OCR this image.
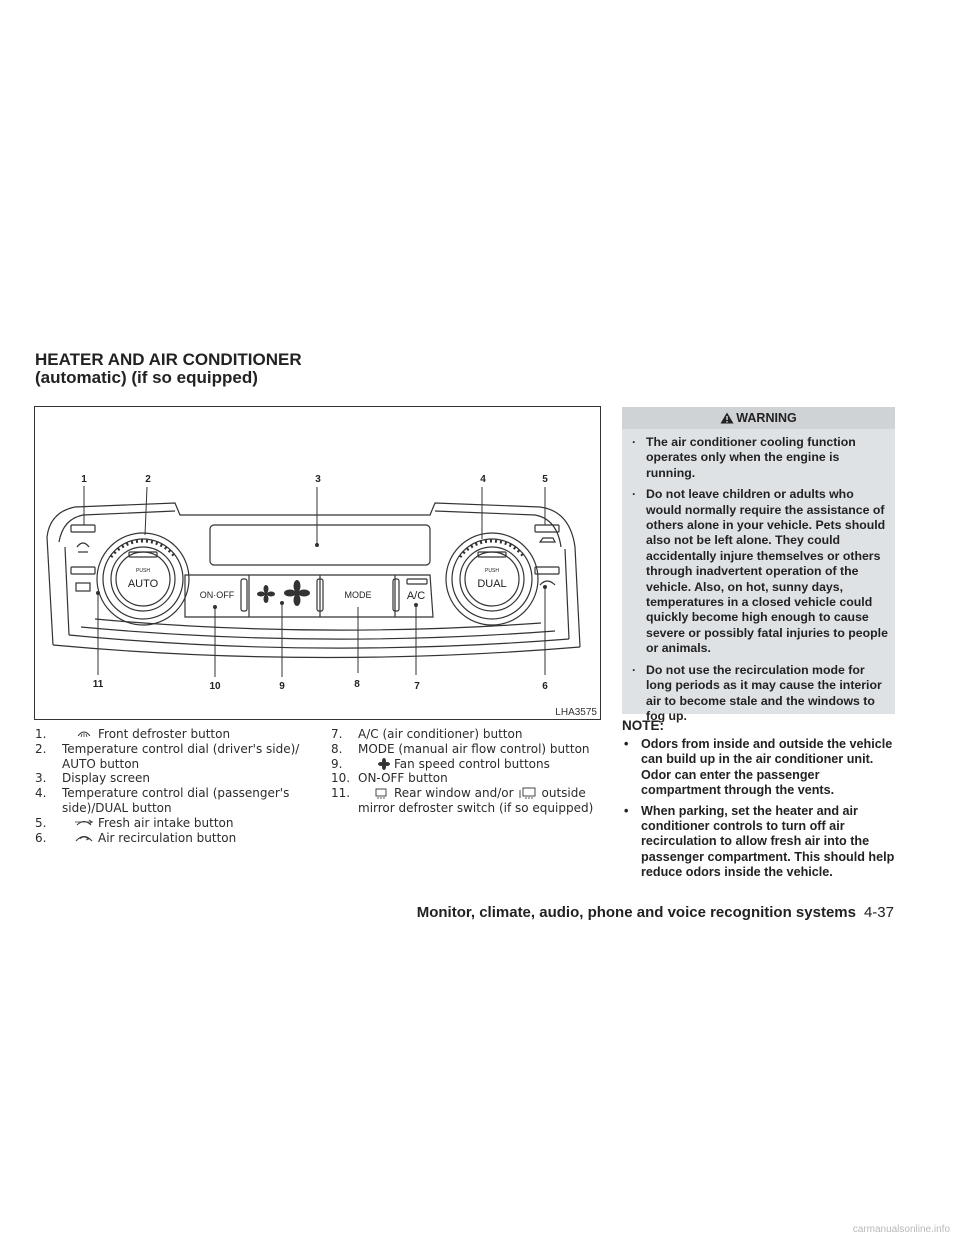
HEATER AND AIR CONDITIONER
(automatic) (if so equipped)
PUSH
AUTO
PUSH
DUAL
ON·OFF	MODE	A/C
1	2	3	4	5
6
7
8
9
10
11
LHA3575
1.	Front defroster button
2. Temperature control dial (driver's side)/ AUTO button
3. Display screen
4. Temperature control dial (passenger's side)/DUAL button
5.	Fresh air intake button
6.	Air recirculation button
7. A/C (air conditioner) button
8. MODE (manual air flow control) button
9.	Fan speed control buttons
10. ON-OFF button
11.	Rear window and/or outside mirror defroster switch (if so equipped)
WARNING
· The air conditioner cooling function operates only when the engine is running.
· Do not leave children or adults who would normally require the assistance of others alone in your vehicle. Pets should also not be left alone. They could accidentally injure themselves or others through inadvertent operation of the vehicle. Also, on hot, sunny days, temperatures in a closed vehicle could quickly become high enough to cause severe or possibly fatal injuries to people or animals.
· Do not use the recirculation mode for long periods as it may cause the interior air to become stale and the windows to fog up.
NOTE:
• Odors from inside and outside the vehicle can build up in the air conditioner unit. Odor can enter the passenger compartment through the vents.
• When parking, set the heater and air conditioner controls to turn off air recirculation to allow fresh air into the passenger compartment. This should help reduce odors inside the vehicle.
Monitor, climate, audio, phone and voice recognition systems 4-37
carmanualsonline.info
